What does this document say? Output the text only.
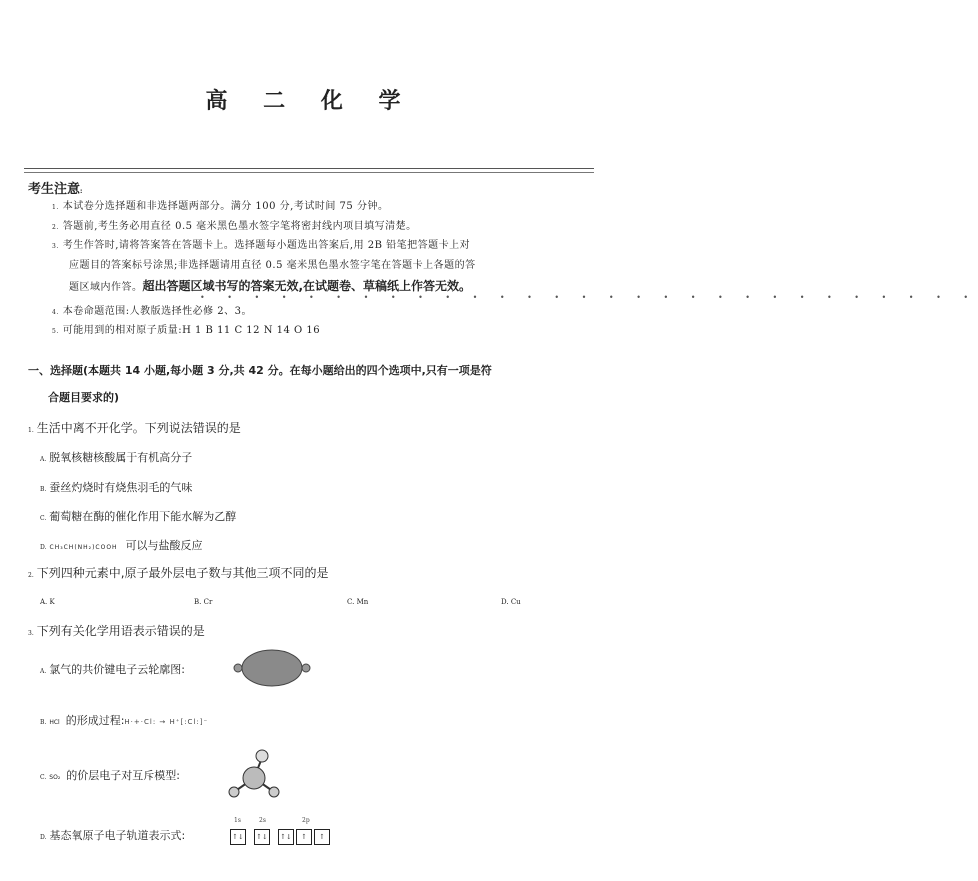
高 二 化 学
考生注意:
1. 本试卷分选择题和非选择题两部分。满分 100 分,考试时间 75 分钟。
2. 答题前,考生务必用直径 0.5 毫米黑色墨水签字笔将密封线内项目填写清楚。
3. 考生作答时,请将答案答在答题卡上。选择题每小题选出答案后,用 2B 铅笔把答题卡上对
应题目的答案标号涂黑;非选择题请用直径 0.5 毫米黑色墨水签字笔在答题卡上各题的答
题区域内作答。超出答题区域书写的答案无效,在试题卷、草稿纸上作答无效。
• • • • • • • • • • • • • • • • • • • • • • • • • • • • •
4. 本卷命题范围:人教版选择性必修 2、3。
5. 可能用到的相对原子质量:H 1 B 11 C 12 N 14 O 16
一、选择题(本题共 14 小题,每小题 3 分,共 42 分。在每小题给出的四个选项中,只有一项是符
合题目要求的)
1. 生活中离不开化学。下列说法错误的是
A. 脱氧核糖核酸属于有机高分子
B. 蚕丝灼烧时有烧焦羽毛的气味
C. 葡萄糖在酶的催化作用下能水解为乙醇
D. CH₃CH(NH₂)COOH 可以与盐酸反应
2. 下列四种元素中,原子最外层电子数与其他三项不同的是
A. K	B. Cr	C. Mn	D. Cu
3. 下列有关化学用语表示错误的是
A. 氯气的共价键电子云轮廓图:
B. HCl 的形成过程:H·+·Cl: → H⁺[:Cl:]⁻
C. SO₂ 的价层电子对互斥模型:
D. 基态氧原子电子轨道表示式:
1s	2s	2p
↑↓ ↑↓ ↑↓ ↑ ↑
